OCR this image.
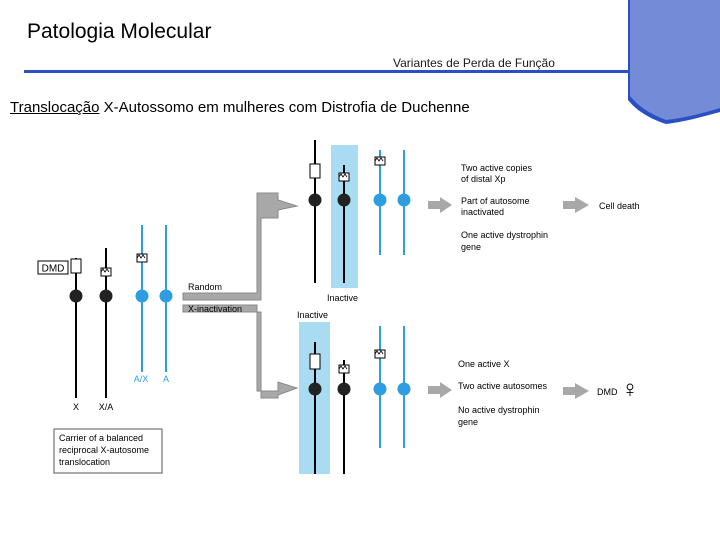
Patologia Molecular
Variantes de Perda de Função
Translocação X-Autossomo em mulheres com Distrofia de Duchenne
DMD
A/X A
X X/A
Carrier of a balanced
reciprocal X-autosome
translocation
Random
X-inactivation
Inactive
Two active copies
of distal Xp
Part of autosome
inactivated
One active dystrophin
gene
Cell death
Inactive
One active X
Two active autosomes
No active dystrophin
gene
DMD ♀
